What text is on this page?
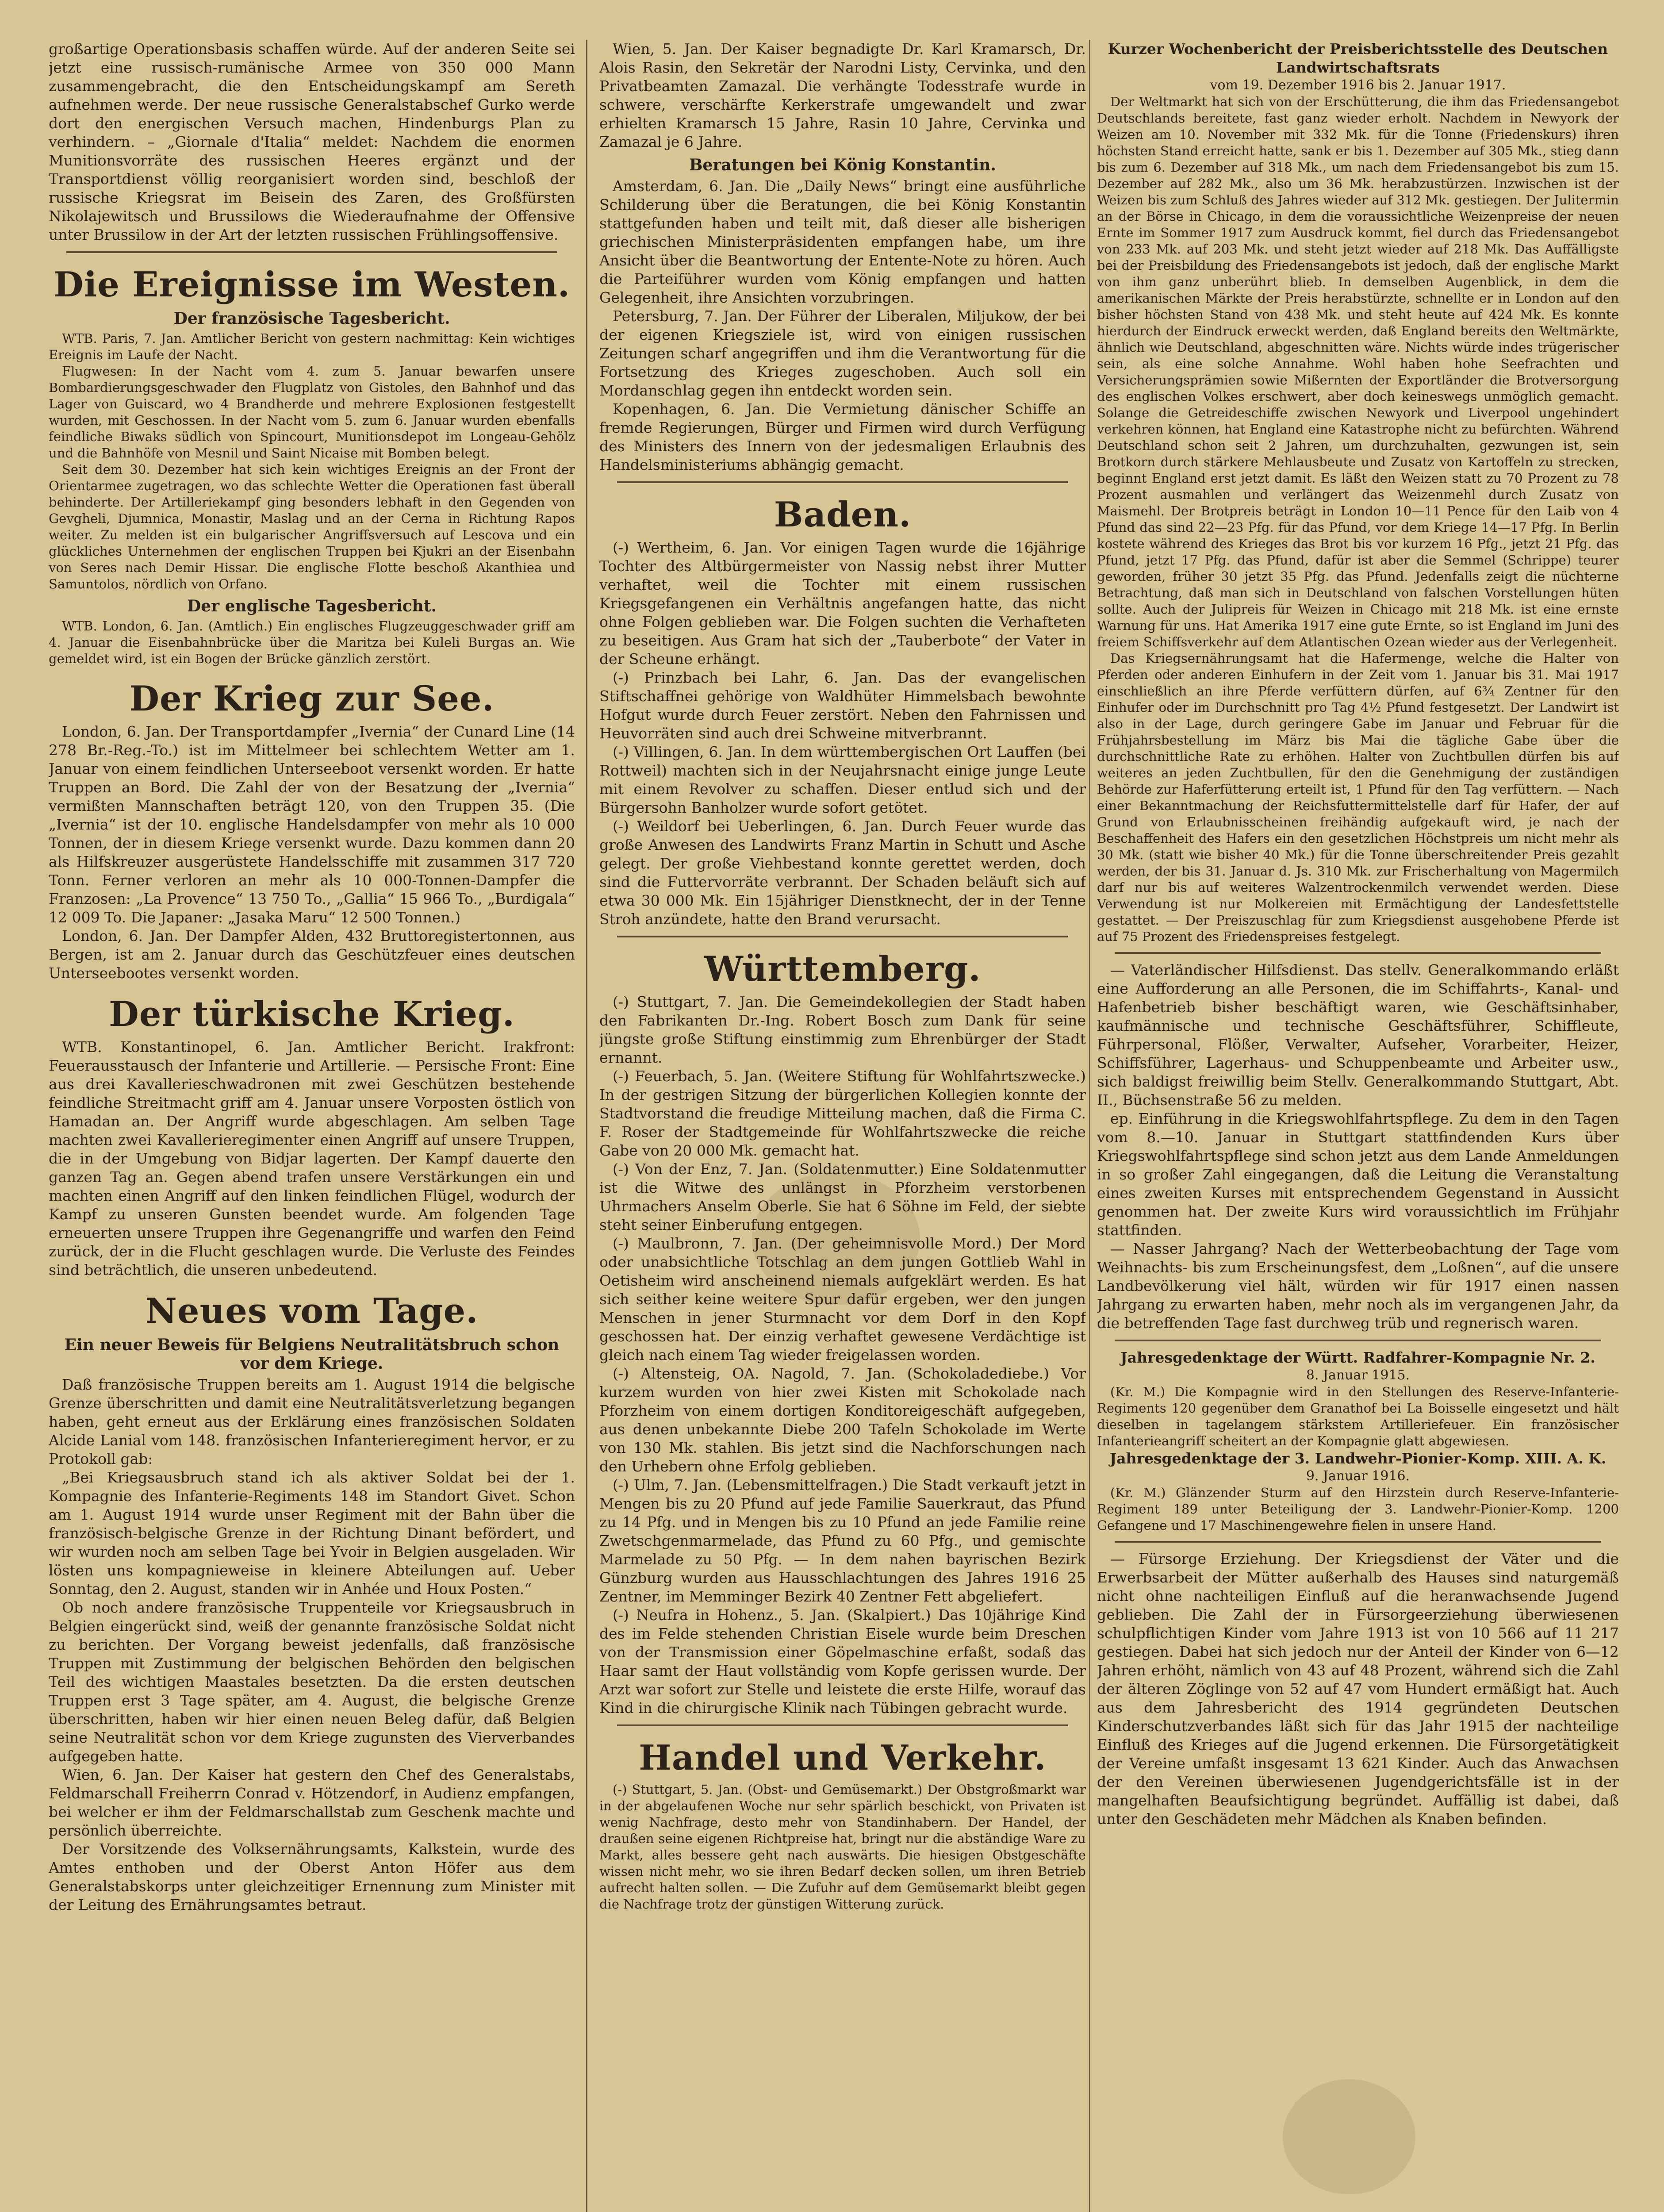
großartige Operationsbasis schaffen würde. Auf der anderen Seite sei jetzt eine russisch-rumänische Armee von 350 000 Mann zusammengebracht, die den Entscheidungskampf am Sereth aufnehmen werde. Der neue russische Generalstabschef Gurko werde dort den energischen Versuch machen, Hindenburgs Plan zu verhindern. – „Giornale d'Italia“ meldet: Nachdem die enormen Munitionsvorräte des russischen Heeres ergänzt und der Transportdienst völlig reorganisiert worden sind, beschloß der russische Kriegsrat im Beisein des Zaren, des Großfürsten Nikolajewitsch und Brussilows die Wiederaufnahme der Offensive unter Brussilow in der Art der letzten russischen Frühlingsoffensive.

Die Ereignisse im Westen.
Der französische Tagesbericht.

WTB. Paris, 7. Jan. Amtlicher Bericht von gestern nachmittag: Kein wichtiges Ereignis im Laufe der Nacht.

Flugwesen: In der Nacht vom 4. zum 5. Januar bewarfen unsere Bombardierungsgeschwader den Flugplatz von Gistoles, den Bahnhof und das Lager von Guiscard, wo 4 Brandherde und mehrere Explosionen festgestellt wurden, mit Geschossen. In der Nacht vom 5. zum 6. Januar wurden ebenfalls feindliche Biwaks südlich von Spincourt, Munitionsdepot im Longeau-Gehölz und die Bahnhöfe von Mesnil und Saint Nicaise mit Bomben belegt.

Seit dem 30. Dezember hat sich kein wichtiges Ereignis an der Front der Orientarmee zugetragen, wo das schlechte Wetter die Operationen fast überall behinderte. Der Artilleriekampf ging besonders lebhaft in den Gegenden von Gevgheli, Djumnica, Monastir, Maslag und an der Cerna in Richtung Rapos weiter. Zu melden ist ein bulgarischer Angriffsversuch auf Lescova und ein glückliches Unternehmen der englischen Truppen bei Kjukri an der Eisenbahn von Seres nach Demir Hissar. Die englische Flotte beschoß Akanthiea und Samuntolos, nördlich von Orfano.

Der englische Tagesbericht.

WTB. London, 6. Jan. (Amtlich.) Ein englisches Flugzeuggeschwader griff am 4. Januar die Eisenbahnbrücke über die Maritza bei Kuleli Burgas an. Wie gemeldet wird, ist ein Bogen der Brücke gänzlich zerstört.

Der Krieg zur See.

London, 6. Jan. Der Transportdampfer „Ivernia“ der Cunard Line (14 278 Br.-Reg.-To.) ist im Mittelmeer bei schlechtem Wetter am 1. Januar von einem feindlichen Unterseeboot versenkt worden. Er hatte Truppen an Bord. Die Zahl der von der Besatzung der „Ivernia“ vermißten Mannschaften beträgt 120, von den Truppen 35. (Die „Ivernia“ ist der 10. englische Handelsdampfer von mehr als 10 000 Tonnen, der in diesem Kriege versenkt wurde. Dazu kommen dann 20 als Hilfskreuzer ausgerüstete Handelsschiffe mit zusammen 317 720 Tonn. Ferner verloren an mehr als 10 000-Tonnen-Dampfer die Franzosen: „La Provence“ 13 750 To., „Gallia“ 15 966 To., „Burdigala“ 12 009 To. Die Japaner: „Jasaka Maru“ 12 500 Tonnen.)

London, 6. Jan. Der Dampfer Alden, 432 Bruttoregistertonnen, aus Bergen, ist am 2. Januar durch das Geschützfeuer eines deutschen Unterseebootes versenkt worden.

Der türkische Krieg.

WTB. Konstantinopel, 6. Jan. Amtlicher Bericht. Irakfront: Feuerausstausch der Infanterie und Artillerie. — Persische Front: Eine aus drei Kavallerieschwadronen mit zwei Geschützen bestehende feindliche Streitmacht griff am 4. Januar unsere Vorposten östlich von Hamadan an. Der Angriff wurde abgeschlagen. Am selben Tage machten zwei Kavallerieregimenter einen Angriff auf unsere Truppen, die in der Umgebung von Bidjar lagerten. Der Kampf dauerte den ganzen Tag an. Gegen abend trafen unsere Verstärkungen ein und machten einen Angriff auf den linken feindlichen Flügel, wodurch der Kampf zu unseren Gunsten beendet wurde. Am folgenden Tage erneuerten unsere Truppen ihre Gegenangriffe und warfen den Feind zurück, der in die Flucht geschlagen wurde. Die Verluste des Feindes sind beträchtlich, die unseren unbedeutend.

Neues vom Tage.
Ein neuer Beweis für Belgiens Neutralitätsbruch schon vor dem Kriege.

Daß französische Truppen bereits am 1. August 1914 die belgische Grenze überschritten und damit eine Neutralitätsverletzung begangen haben, geht erneut aus der Erklärung eines französischen Soldaten Alcide Lanial vom 148. französischen Infanterieregiment hervor, er zu Protokoll gab:

„Bei Kriegsausbruch stand ich als aktiver Soldat bei der 1. Kompagnie des Infanterie-Regiments 148 im Standort Givet. Schon am 1. August 1914 wurde unser Regiment mit der Bahn über die französisch-belgische Grenze in der Richtung Dinant befördert, und wir wurden noch am selben Tage bei Yvoir in Belgien ausgeladen. Wir lösten uns kompagnieweise in kleinere Abteilungen auf. Ueber Sonntag, den 2. August, standen wir in Anhée und Houx Posten.“

Ob noch andere französische Truppenteile vor Kriegsausbruch in Belgien eingerückt sind, weiß der genannte französische Soldat nicht zu berichten. Der Vorgang beweist jedenfalls, daß französische Truppen mit Zustimmung der belgischen Behörden den belgischen Teil des wichtigen Maastales besetzten. Da die ersten deutschen Truppen erst 3 Tage später, am 4. August, die belgische Grenze überschritten, haben wir hier einen neuen Beleg dafür, daß Belgien seine Neutralität schon vor dem Kriege zugunsten des Vierverbandes aufgegeben hatte.

Wien, 6. Jan. Der Kaiser hat gestern den Chef des Generalstabs, Feldmarschall Freiherrn Conrad v. Hötzendorf, in Audienz empfangen, bei welcher er ihm der Feldmarschallstab zum Geschenk machte und persönlich überreichte.

Der Vorsitzende des Volksernährungsamts, Kalkstein, wurde des Amtes enthoben und der Oberst Anton Höfer aus dem Generalstabskorps unter gleichzeitiger Ernennung zum Minister mit der Leitung des Ernährungsamtes betraut.

Wien, 5. Jan. Der Kaiser begnadigte Dr. Karl Kramarsch, Dr. Alois Rasin, den Sekretär der Narodni Listy, Cervinka, und den Privatbeamten Zamazal. Die verhängte Todesstrafe wurde in schwere, verschärfte Kerkerstrafe umgewandelt und zwar erhielten Kramarsch 15 Jahre, Rasin 10 Jahre, Cervinka und Zamazal je 6 Jahre.

Beratungen bei König Konstantin.

Amsterdam, 6. Jan. Die „Daily News“ bringt eine ausführliche Schilderung über die Beratungen, die bei König Konstantin stattgefunden haben und teilt mit, daß dieser alle bisherigen griechischen Ministerpräsidenten empfangen habe, um ihre Ansicht über die Beantwortung der Entente-Note zu hören. Auch die Parteiführer wurden vom König empfangen und hatten Gelegenheit, ihre Ansichten vorzubringen.

Petersburg, 7. Jan. Der Führer der Liberalen, Miljukow, der bei der eigenen Kriegsziele ist, wird von einigen russischen Zeitungen scharf angegriffen und ihm die Verantwortung für die Fortsetzung des Krieges zugeschoben. Auch soll ein Mordanschlag gegen ihn entdeckt worden sein.

Kopenhagen, 6. Jan. Die Vermietung dänischer Schiffe an fremde Regierungen, Bürger und Firmen wird durch Verfügung des Ministers des Innern von der jedesmaligen Erlaubnis des Handelsministeriums abhängig gemacht.

Baden.

(-) Wertheim, 6. Jan. Vor einigen Tagen wurde die 16jährige Tochter des Altbürgermeister von Nassig nebst ihrer Mutter verhaftet, weil die Tochter mit einem russischen Kriegsgefangenen ein Verhältnis angefangen hatte, das nicht ohne Folgen geblieben war. Die Folgen suchten die Verhafteten zu beseitigen. Aus Gram hat sich der „Tauberbote“ der Vater in der Scheune erhängt.

(-) Prinzbach bei Lahr, 6. Jan. Das der evangelischen Stiftschaffnei gehörige von Waldhüter Himmelsbach bewohnte Hofgut wurde durch Feuer zerstört. Neben den Fahrnissen und Heuvorräten sind auch drei Schweine mitverbrannt.

(-) Villingen, 6. Jan. In dem württembergischen Ort Lauffen (bei Rottweil) machten sich in der Neujahrsnacht einige junge Leute mit einem Revolver zu schaffen. Dieser entlud sich und der Bürgersohn Banholzer wurde sofort getötet.

(-) Weildorf bei Ueberlingen, 6. Jan. Durch Feuer wurde das große Anwesen des Landwirts Franz Martin in Schutt und Asche gelegt. Der große Viehbestand konnte gerettet werden, doch sind die Futtervorräte verbrannt. Der Schaden beläuft sich auf etwa 30 000 Mk. Ein 15jähriger Dienstknecht, der in der Tenne Stroh anzündete, hatte den Brand verursacht.

Württemberg.

(-) Stuttgart, 7. Jan. Die Gemeindekollegien der Stadt haben den Fabrikanten Dr.-Ing. Robert Bosch zum Dank für seine jüngste große Stiftung einstimmig zum Ehrenbürger der Stadt ernannt.

(-) Feuerbach, 5. Jan. (Weitere Stiftung für Wohlfahrtszwecke.) In der gestrigen Sitzung der bürgerlichen Kollegien konnte der Stadtvorstand die freudige Mitteilung machen, daß die Firma C. F. Roser der Stadtgemeinde für Wohlfahrtszwecke die reiche Gabe von 20 000 Mk. gemacht hat.

(-) Von der Enz, 7. Jan. (Soldatenmutter.) Eine Soldatenmutter ist die Witwe des unlängst in Pforzheim verstorbenen Uhrmachers Anselm Oberle. Sie hat 6 Söhne im Feld, der siebte steht seiner Einberufung entgegen.

(-) Maulbronn, 7. Jan. (Der geheimnisvolle Mord.) Der Mord oder unabsichtliche Totschlag an dem jungen Gottlieb Wahl in Oetisheim wird anscheinend niemals aufgeklärt werden. Es hat sich seither keine weitere Spur dafür ergeben, wer den jungen Menschen in jener Sturmnacht vor dem Dorf in den Kopf geschossen hat. Der einzig verhaftet gewesene Verdächtige ist gleich nach einem Tag wieder freigelassen worden.

(-) Altensteig, OA. Nagold, 7. Jan. (Schokoladediebe.) Vor kurzem wurden von hier zwei Kisten mit Schokolade nach Pforzheim von einem dortigen Konditoreigeschäft aufgegeben, aus denen unbekannte Diebe 200 Tafeln Schokolade im Werte von 130 Mk. stahlen. Bis jetzt sind die Nachforschungen nach den Urhebern ohne Erfolg geblieben.

(-) Ulm, 7. Jan. (Lebensmittelfragen.) Die Stadt verkauft jetzt in Mengen bis zu 20 Pfund auf jede Familie Sauerkraut, das Pfund zu 14 Pfg. und in Mengen bis zu 10 Pfund an jede Familie reine Zwetschgenmarmelade, das Pfund zu 60 Pfg., und gemischte Marmelade zu 50 Pfg. — In dem nahen bayrischen Bezirk Günzburg wurden aus Hausschlachtungen des Jahres 1916 25 Zentner, im Memminger Bezirk 40 Zentner Fett abgeliefert.

(-) Neufra in Hohenz., 5. Jan. (Skalpiert.) Das 10jährige Kind des im Felde stehenden Christian Eisele wurde beim Dreschen von der Transmission einer Göpelmaschine erfaßt, sodaß das Haar samt der Haut vollständig vom Kopfe gerissen wurde. Der Arzt war sofort zur Stelle und leistete die erste Hilfe, worauf das Kind in die chirurgische Klinik nach Tübingen gebracht wurde.

Handel und Verkehr.

(-) Stuttgart, 5. Jan. (Obst- und Gemüsemarkt.) Der Obstgroßmarkt war in der abgelaufenen Woche nur sehr spärlich beschickt, von Privaten ist wenig Nachfrage, desto mehr von Standinhabern. Der Handel, der draußen seine eigenen Richtpreise hat, bringt nur die abständige Ware zu Markt, alles bessere geht nach auswärts. Die hiesigen Obstgeschäfte wissen nicht mehr, wo sie ihren Bedarf decken sollen, um ihren Betrieb aufrecht halten sollen. — Die Zufuhr auf dem Gemüsemarkt bleibt gegen die Nachfrage trotz der günstigen Witterung zurück.

Kurzer Wochenbericht der Preisberichtsstelle des Deutschen Landwirtschaftsrats
vom 19. Dezember 1916 bis 2. Januar 1917.

Der Weltmarkt hat sich von der Erschütterung, die ihm das Friedensangebot Deutschlands bereitete, fast ganz wieder erholt. Nachdem in Newyork der Weizen am 10. November mit 332 Mk. für die Tonne (Friedenskurs) ihren höchsten Stand erreicht hatte, sank er bis 1. Dezember auf 305 Mk., stieg dann bis zum 6. Dezember auf 318 Mk., um nach dem Friedensangebot bis zum 15. Dezember auf 282 Mk., also um 36 Mk. herabzustürzen. Inzwischen ist der Weizen bis zum Schluß des Jahres wieder auf 312 Mk. gestiegen. Der Julitermin an der Börse in Chicago, in dem die voraussichtliche Weizenpreise der neuen Ernte im Sommer 1917 zum Ausdruck kommt, fiel durch das Friedensangebot von 233 Mk. auf 203 Mk. und steht jetzt wieder auf 218 Mk. Das Auffälligste bei der Preisbildung des Friedensangebots ist jedoch, daß der englische Markt von ihm ganz unberührt blieb. In demselben Augenblick, in dem die amerikanischen Märkte der Preis herabstürzte, schnellte er in London auf den bisher höchsten Stand von 438 Mk. und steht heute auf 424 Mk. Es konnte hierdurch der Eindruck erweckt werden, daß England bereits den Weltmärkte, ähnlich wie Deutschland, abgeschnitten wäre. Nichts würde indes trügerischer sein, als eine solche Annahme. Wohl haben hohe Seefrachten und Versicherungsprämien sowie Mißernten der Exportländer die Brotversorgung des englischen Volkes erschwert, aber doch keineswegs unmöglich gemacht. Solange die Getreideschiffe zwischen Newyork und Liverpool ungehindert verkehren können, hat England eine Katastrophe nicht zu befürchten. Während Deutschland schon seit 2 Jahren, um durchzuhalten, gezwungen ist, sein Brotkorn durch stärkere Mehlausbeute und Zusatz von Kartoffeln zu strecken, beginnt England erst jetzt damit. Es läßt den Weizen statt zu 70 Prozent zu 78 Prozent ausmahlen und verlängert das Weizenmehl durch Zusatz von Maismehl. Der Brotpreis beträgt in London 10—11 Pence für den Laib von 4 Pfund das sind 22—23 Pfg. für das Pfund, vor dem Kriege 14—17 Pfg. In Berlin kostete während des Krieges das Brot bis vor kurzem 16 Pfg., jetzt 21 Pfg. das Pfund, jetzt 17 Pfg. das Pfund, dafür ist aber die Semmel (Schrippe) teurer geworden, früher 30 jetzt 35 Pfg. das Pfund. Jedenfalls zeigt die nüchterne Betrachtung, daß man sich in Deutschland von falschen Vorstellungen hüten sollte. Auch der Julipreis für Weizen in Chicago mit 218 Mk. ist eine ernste Warnung für uns. Hat Amerika 1917 eine gute Ernte, so ist England im Juni des freiem Schiffsverkehr auf dem Atlantischen Ozean wieder aus der Verlegenheit.

Das Kriegsernährungsamt hat die Hafermenge, welche die Halter von Pferden oder anderen Einhufern in der Zeit vom 1. Januar bis 31. Mai 1917 einschließlich an ihre Pferde verfüttern dürfen, auf 6¾ Zentner für den Einhufer oder im Durchschnitt pro Tag 4½ Pfund festgesetzt. Der Landwirt ist also in der Lage, durch geringere Gabe im Januar und Februar für die Frühjahrsbestellung im März bis Mai die tägliche Gabe über die durchschnittliche Rate zu erhöhen. Halter von Zuchtbullen dürfen bis auf weiteres an jeden Zuchtbullen, für den die Genehmigung der zuständigen Behörde zur Haferfütterung erteilt ist, 1 Pfund für den Tag verfüttern. — Nach einer Bekanntmachung der Reichsfuttermittelstelle darf für Hafer, der auf Grund von Erlaubnisscheinen freihändig aufgekauft wird, je nach der Beschaffenheit des Hafers ein den gesetzlichen Höchstpreis um nicht mehr als 30 Mk. (statt wie bisher 40 Mk.) für die Tonne überschreitender Preis gezahlt werden, der bis 31. Januar d. Js. 310 Mk. zur Frischerhaltung von Magermilch darf nur bis auf weiteres Walzentrockenmilch verwendet werden. Diese Verwendung ist nur Molkereien mit Ermächtigung der Landesfettstelle gestattet. — Der Preiszuschlag für zum Kriegsdienst ausgehobene Pferde ist auf 75 Prozent des Friedenspreises festgelegt.

— Vaterländischer Hilfsdienst. Das stellv. Generalkommando erläßt eine Aufforderung an alle Personen, die im Schiffahrts-, Kanal- und Hafenbetrieb bisher beschäftigt waren, wie Geschäftsinhaber, kaufmännische und technische Geschäftsführer, Schiffleute, Führpersonal, Flößer, Verwalter, Aufseher, Vorarbeiter, Heizer, Schiffsführer, Lagerhaus- und Schuppenbeamte und Arbeiter usw., sich baldigst freiwillig beim Stellv. Generalkommando Stuttgart, Abt. II., Büchsenstraße 56 zu melden.

ep. Einführung in die Kriegswohlfahrtspflege. Zu dem in den Tagen vom 8.—10. Januar in Stuttgart stattfindenden Kurs über Kriegswohlfahrtspflege sind schon jetzt aus dem Lande Anmeldungen in so großer Zahl eingegangen, daß die Leitung die Veranstaltung eines zweiten Kurses mit entsprechendem Gegenstand in Aussicht genommen hat. Der zweite Kurs wird voraussichtlich im Frühjahr stattfinden.

— Nasser Jahrgang? Nach der Wetterbeobachtung der Tage vom Weihnachts- bis zum Erscheinungsfest, dem „Loßnen“, auf die unsere Landbevölkerung viel hält, würden wir für 1917 einen nassen Jahrgang zu erwarten haben, mehr noch als im vergangenen Jahr, da die betreffenden Tage fast durchweg trüb und regnerisch waren.

Jahresgedenktage der Württ. Radfahrer-Kompagnie Nr. 2.
8. Januar 1915.

(Kr. M.) Die Kompagnie wird in den Stellungen des Reserve-Infanterie-Regiments 120 gegenüber dem Granathof bei La Boisselle eingesetzt und hält dieselben in tagelangem stärkstem Artilleriefeuer. Ein französischer Infanterieangriff scheitert an der Kompagnie glatt abgewiesen.

Jahresgedenktage der 3. Landwehr-Pionier-Komp. XIII. A. K.
9. Januar 1916.

(Kr. M.) Glänzender Sturm auf den Hirzstein durch Reserve-Infanterie-Regiment 189 unter Beteiligung der 3. Landwehr-Pionier-Komp. 1200 Gefangene und 17 Maschinengewehre fielen in unsere Hand.

— Fürsorge Erziehung. Der Kriegsdienst der Väter und die Erwerbsarbeit der Mütter außerhalb des Hauses sind naturgemäß nicht ohne nachteiligen Einfluß auf die heranwachsende Jugend geblieben. Die Zahl der in Fürsorgeerziehung überwiesenen schulpflichtigen Kinder vom Jahre 1913 ist von 10 566 auf 11 217 gestiegen. Dabei hat sich jedoch nur der Anteil der Kinder von 6—12 Jahren erhöht, nämlich von 43 auf 48 Prozent, während sich die Zahl der älteren Zöglinge von 52 auf 47 vom Hundert ermäßigt hat. Auch aus dem Jahresbericht des 1914 gegründeten Deutschen Kinderschutzverbandes läßt sich für das Jahr 1915 der nachteilige Einfluß des Krieges auf die Jugend erkennen. Die Fürsorgetätigkeit der Vereine umfaßt insgesamt 13 621 Kinder. Auch das Anwachsen der den Vereinen überwiesenen Jugendgerichtsfälle ist in der mangelhaften Beaufsichtigung begründet. Auffällig ist dabei, daß unter den Geschädeten mehr Mädchen als Knaben befinden.
